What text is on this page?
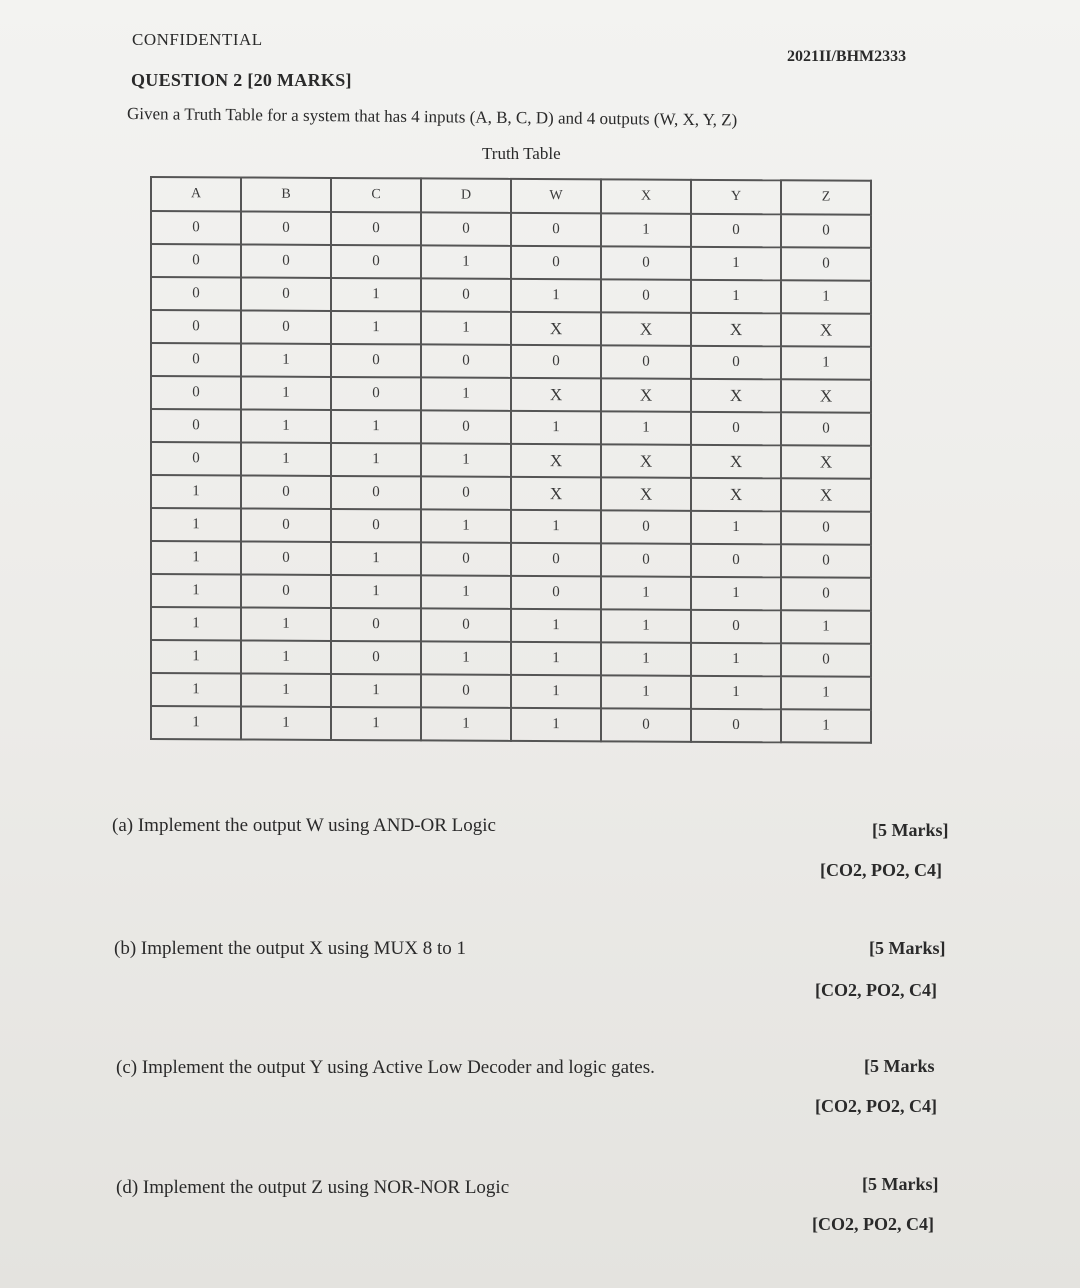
CONFIDENTIAL
2021II/BHM2333
QUESTION 2 [20 MARKS]
Given a Truth Table for a system that has 4 inputs (A, B, C, D) and 4 outputs (W, X, Y, Z)
Truth Table
A	B	C	D	W	X	Y	Z
0	0	0	0	0	1	0	0
0	0	0	1	0	0	1	0
0	0	1	0	1	0	1	1
0	0	1	1	X	X	X	X
0	1	0	0	0	0	0	1
0	1	0	1	X	X	X	X
0	1	1	0	1	1	0	0
0	1	1	1	X	X	X	X
1	0	0	0	X	X	X	X
1	0	0	1	1	0	1	0
1	0	1	0	0	0	0	0
1	0	1	1	0	1	1	0
1	1	0	0	1	1	0	1
1	1	0	1	1	1	1	0
1	1	1	0	1	1	1	1
1	1	1	1	1	0	0	1
(a) Implement the output W using AND-OR Logic	[5 Marks]
[CO2, PO2, C4]
(b) Implement the output X using MUX 8 to 1	[5 Marks]
[CO2, PO2, C4]
(c) Implement the output Y using Active Low Decoder and logic gates.	[5 Marks
[CO2, PO2, C4]
(d) Implement the output Z using NOR-NOR Logic	[5 Marks]
[CO2, PO2, C4]
